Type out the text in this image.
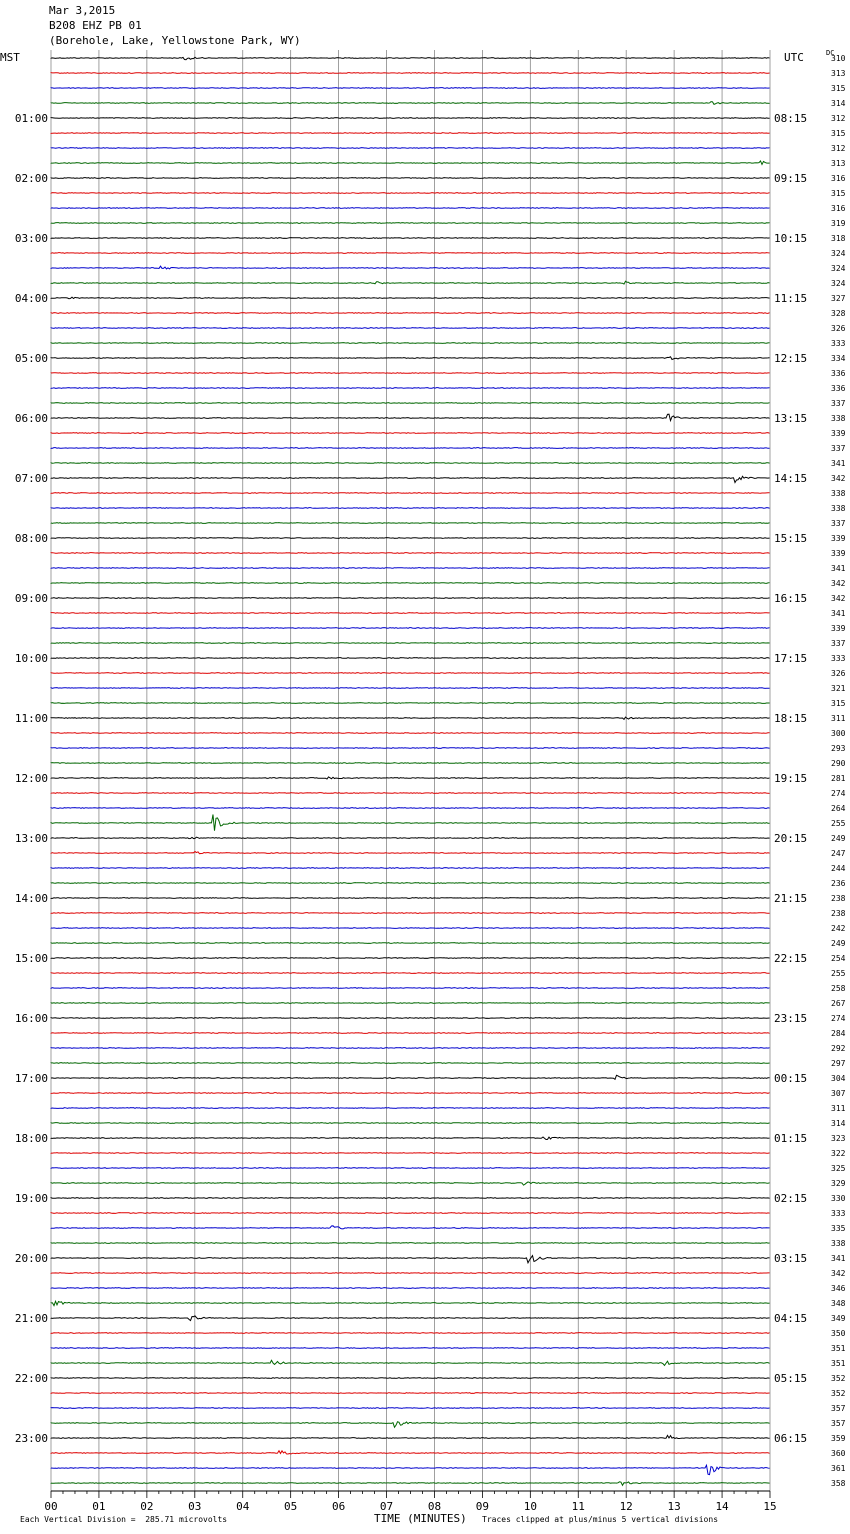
Mar 3,2015
B208 EHZ PB 01
(Borehole, Lake, Yellowstone Park, WY)
00	01	02	03	04	05	06	07	08	09	10	11	12	13	14	15
310
313
315
314
312
315
312
313
316
315
316
319
318
324
324
324
327
328
326
333
334
336
336
337
338
339
337
341
342
338
338
337
339
339
341
342
342
341
339
337
333
326
321
315
311
300
293
290
281
274
264
255
249
247
244
236
238
238
242
249
254
255
258
267
274
284
292
297
304
307
311
314
323
322
325
329
330
333
335
338
341
342
346
348
349
350
351
351
352
352
357
357
359
360
361
358
MST	UTC	DC
01:00
02:00
03:00
04:00
05:00
06:00
07:00
08:00
09:00
10:00
11:00
12:00
13:00
14:00
15:00
16:00
17:00
18:00
19:00
20:00
21:00
22:00
23:00
08:15
09:15
10:15
11:15
12:15
13:15
14:15
15:15
16:15
17:15
18:15
19:15
20:15
21:15
22:15
23:15
00:15
01:15
02:15
03:15
04:15
05:15
06:15
Each Vertical Division =  285.71 microvolts	TIME (MINUTES) Traces clipped at plus/minus 5 vertical divisions
